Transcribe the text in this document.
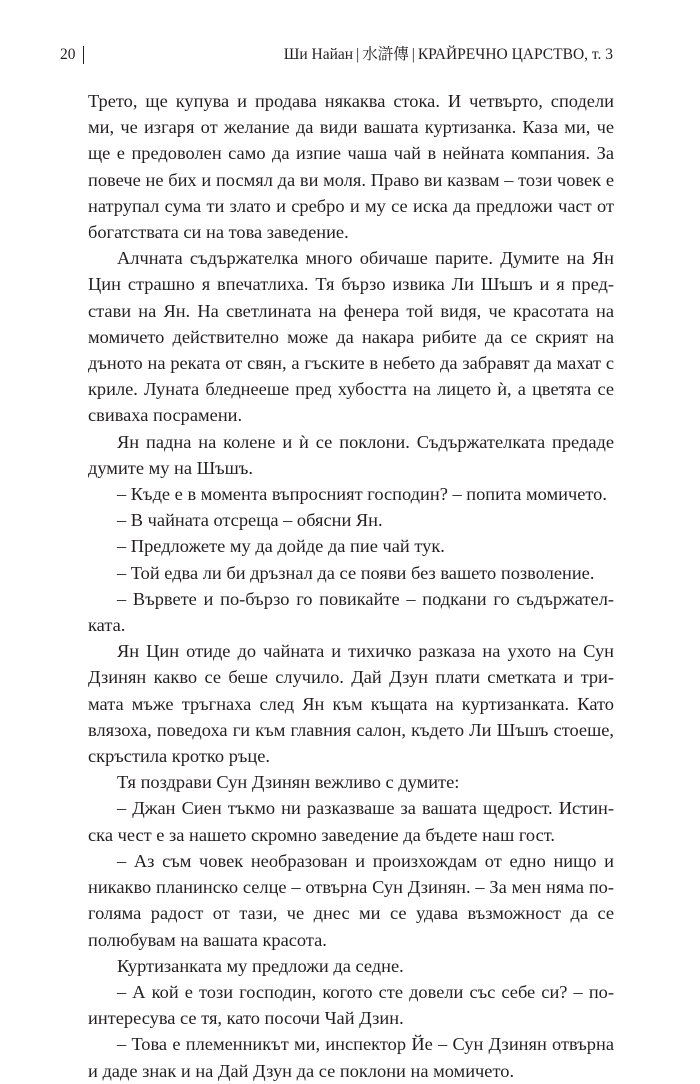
20	Ши Найан | 水滸傳 | КРАЙРЕЧНО ЦАРСТВО, т. 3

Трето, ще купува и продава някаква стока. И четвърто, сподели ми, че изгаря от желание да види вашата куртизанка. Каза ми, че ще е предоволен само да изпие чаша чай в нейната компания. За повече не бих и посмял да ви моля. Право ви казвам – този човек е натрупал сума ти злато и сребро и му се иска да предложи част от богатствата си на това заведение.

Алчната съдържателка много обичаше парите. Думите на Ян Цин страшно я впечатлиха. Тя бързо извика Ли Шъшъ и я представи на Ян. На светлината на фенера той видя, че красотата на момичето действително може да накара рибите да се скрият на дъното на реката от свян, а гъските в небето да забравят да махат с криле. Луната бледнееше пред хубостта на лицето ѝ, а цветята се свиваха посрамени.

Ян падна на колене и ѝ се поклони. Съдържателката предаде думите му на Шъшъ.

– Къде е в момента въпросният господин? – попита момичето.

– В чайната отсреща – обясни Ян.

– Предложете му да дойде да пие чай тук.

– Той едва ли би дръзнал да се появи без вашето позволение.

– Вървете и по-бързо го повикайте – подкани го съдържателката.

Ян Цин отиде до чайната и тихичко разказа на ухото на Сун Дзинян какво се беше случило. Дай Дзун плати сметката и тримата мъже тръгнаха след Ян към къщата на куртизанката. Като влязоха, поведоха ги към главния салон, където Ли Шъшъ стоеше, скръстила кротко ръце.

Тя поздрави Сун Дзинян вежливо с думите:

– Джан Сиен тъкмо ни разказваше за вашата щедрост. Истинска чест е за нашето скромно заведение да бъдете наш гост.

– Аз съм човек необразован и произхождам от едно нищо и никакво планинско селце – отвърна Сун Дзинян. – За мен няма по-голяма радост от тази, че днес ми се удава възможност да се полюбувам на вашата красота.

Куртизанката му предложи да седне.

– А кой е този господин, когото сте довели със себе си? – поинтересува се тя, като посочи Чай Дзин.

– Това е племенникът ми, инспектор Йе – Сун Дзинян отвърна и даде знак и на Дай Дзун да се поклони на момичето.
